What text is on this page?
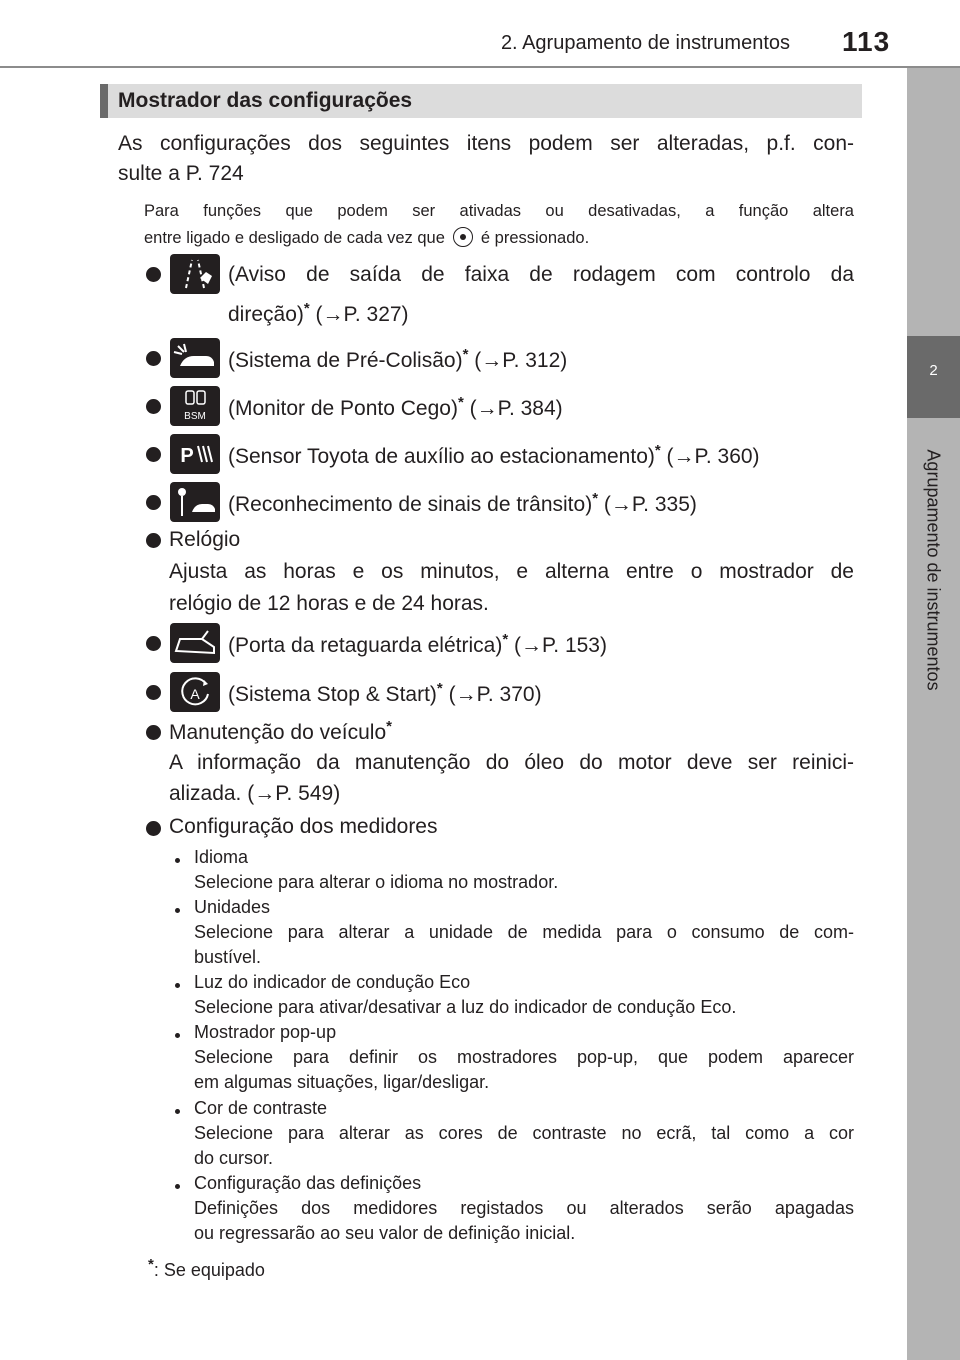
2. Agrupamento de instrumentos 113
2
Agrupamento de instrumentos
Mostrador das configurações
As configurações dos seguintes itens podem ser alteradas, p.f. con-
sulte a P. 724
Para funções que podem ser ativadas ou desativadas, a função altera
entre ligado e desligado de cada vez que é pressionado.
(Aviso de saída de faixa de rodagem com controlo da
direção)* (→P. 327)
(Sistema de Pré-Colisão)* (→P. 312)
BSM (Monitor de Ponto Cego)* (→P. 384)
P (Sensor Toyota de auxílio ao estacionamento)* (→P. 360)
(Reconhecimento de sinais de trânsito)* (→P. 335)
Relógio
Ajusta as horas e os minutos, e alterna entre o mostrador de
relógio de 12 horas e de 24 horas.
(Porta da retaguarda elétrica)* (→P. 153)
A (Sistema Stop & Start)* (→P. 370)
Manutenção do veículo*
A informação da manutenção do óleo do motor deve ser reinici-
alizada. (→P. 549)
Configuração dos medidores
Idioma
Selecione para alterar o idioma no mostrador.
Unidades
Selecione para alterar a unidade de medida para o consumo de com-
bustível.
Luz do indicador de condução Eco
Selecione para ativar/desativar a luz do indicador de condução Eco.
Mostrador pop-up
Selecione para definir os mostradores pop-up, que podem aparecer
em algumas situações, ligar/desligar.
Cor de contraste
Selecione para alterar as cores de contraste no ecrã, tal como a cor
do cursor.
Configuração das definições
Definições dos medidores registados ou alterados serão apagadas
ou regressarão ao seu valor de definição inicial.
*: Se equipado
